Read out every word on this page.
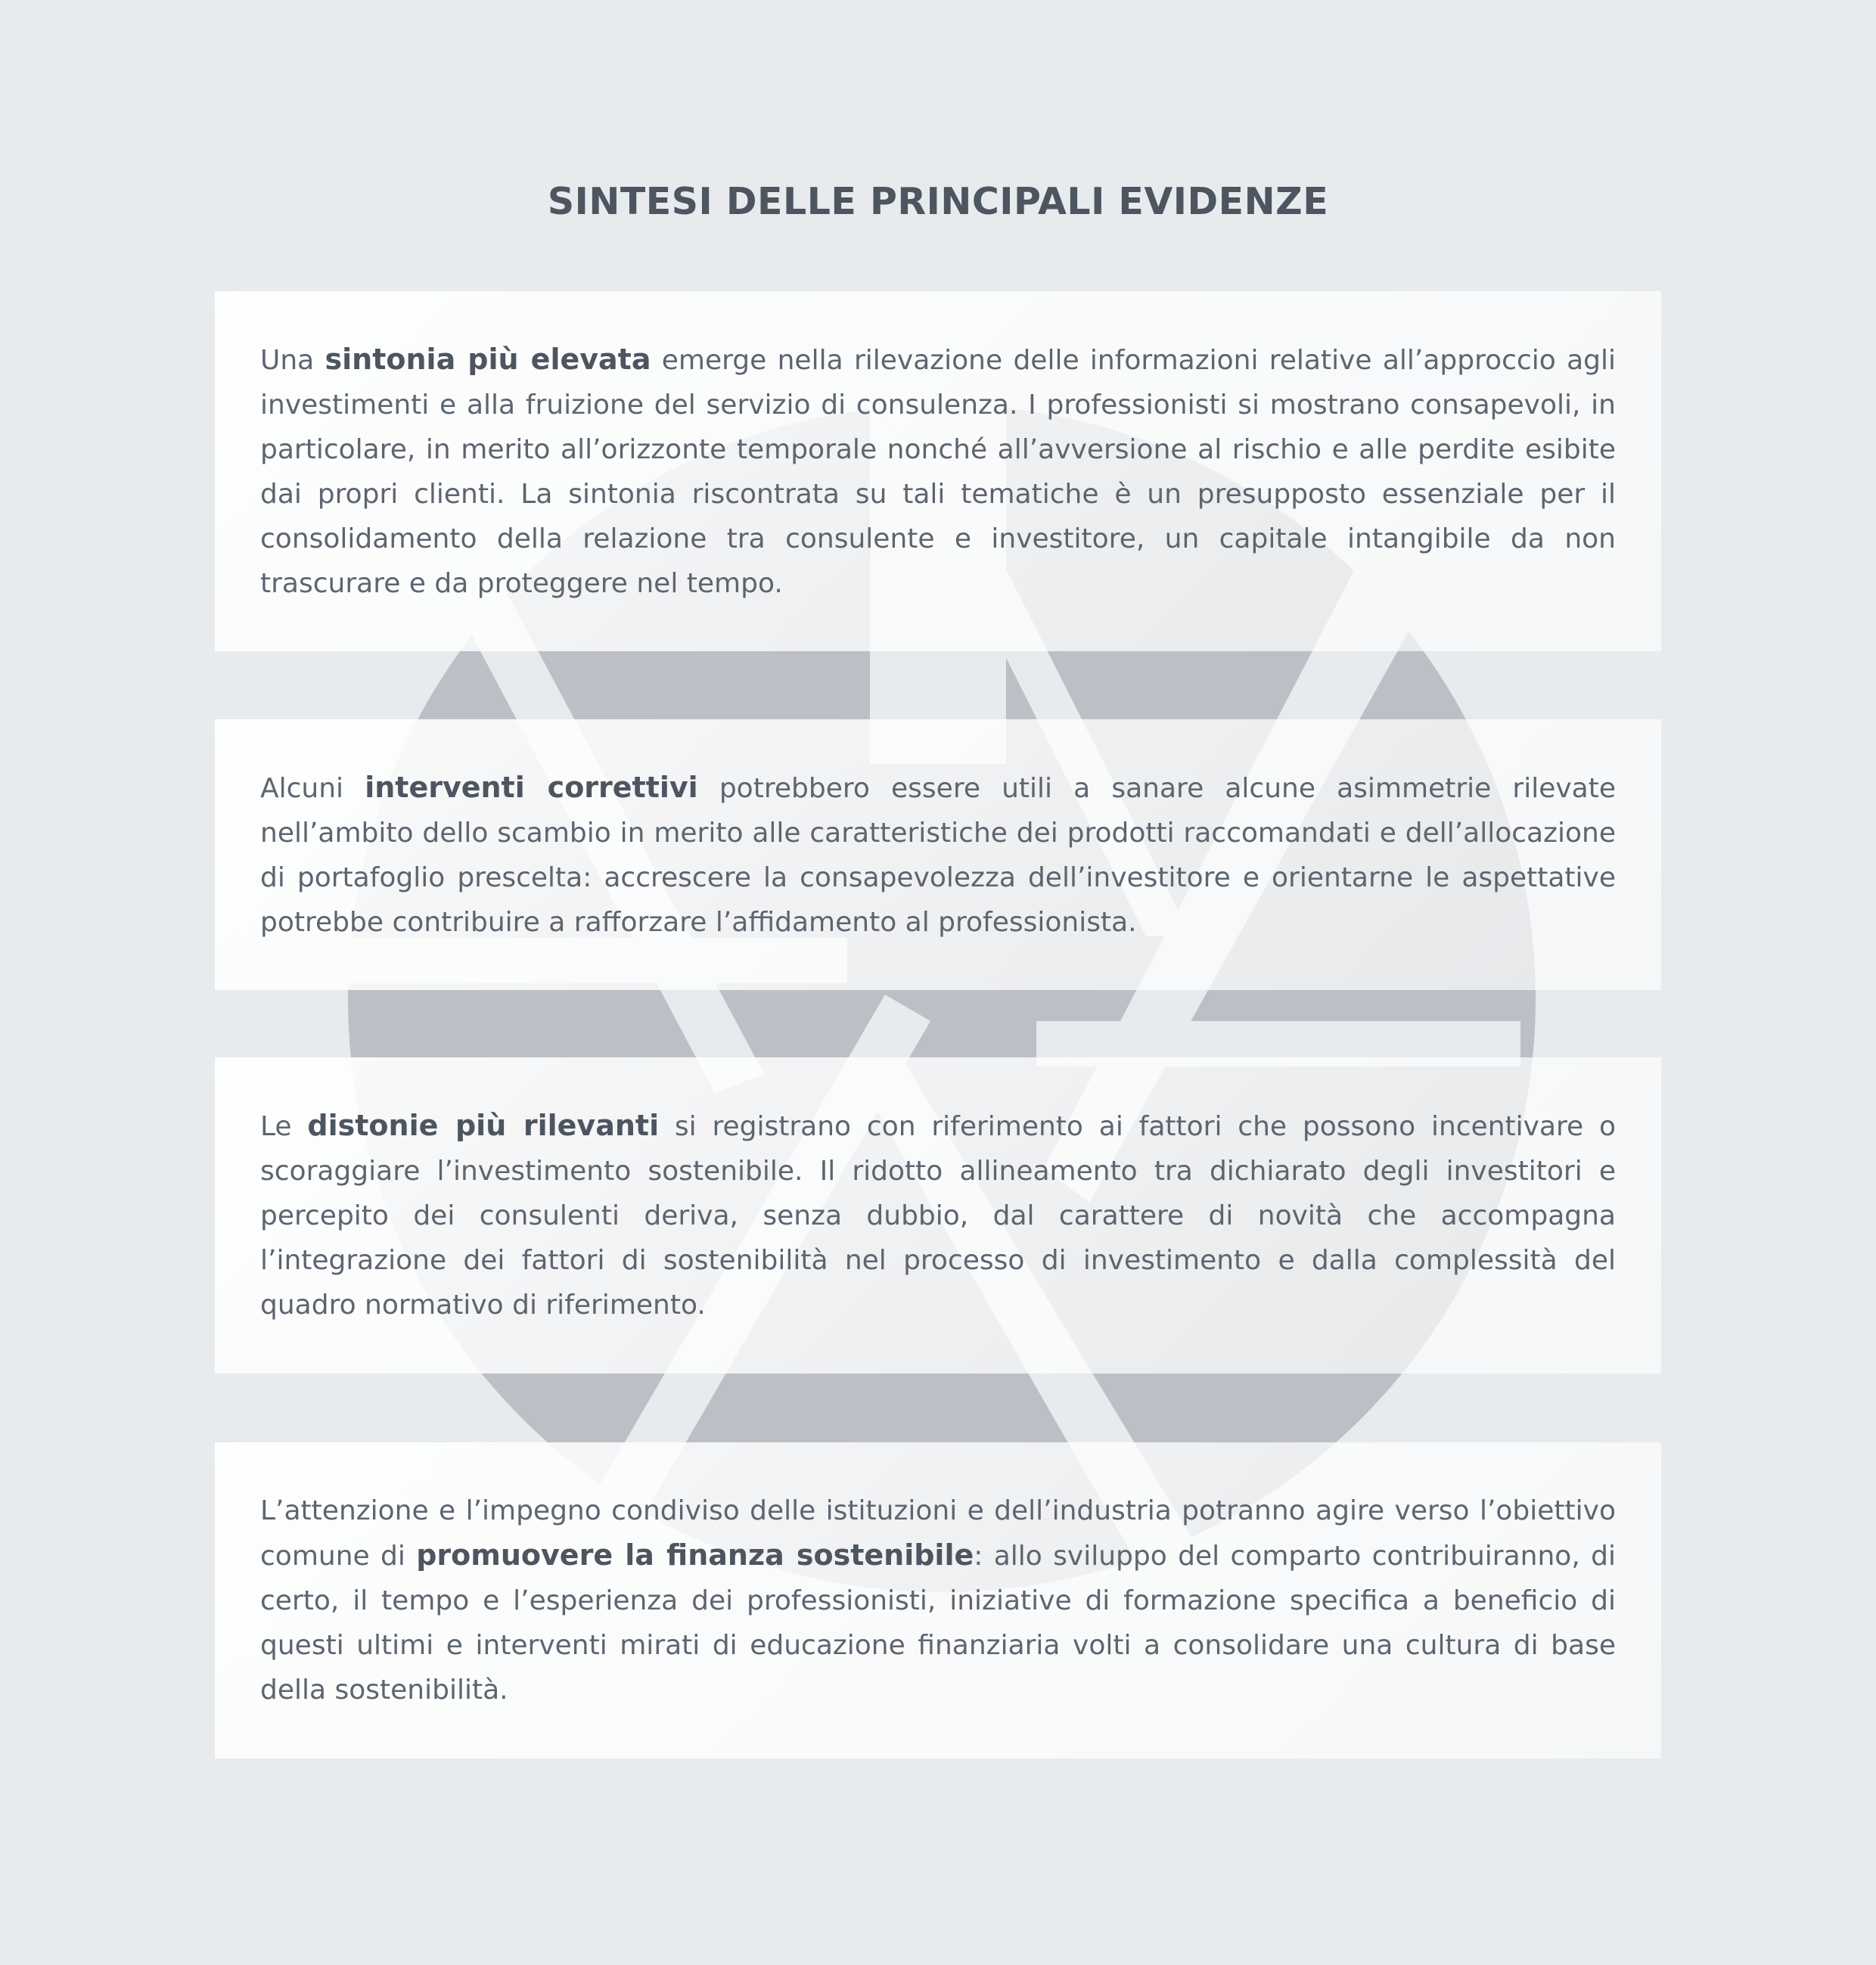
SINTESI DELLE PRINCIPALI EVIDENZE

Una sintonia più elevata emerge nella rilevazione delle informazioni relative all’approccio agli investimenti e alla fruizione del servizio di consulenza. I professionisti si mostrano consapevoli, in particolare, in merito all’orizzonte temporale nonché all’avversione al rischio e alle perdite esibite dai propri clienti. La sintonia riscontrata su tali tematiche è un presupposto essenziale per il consolidamento della relazione tra consulente e investitore, un capitale intangibile da non trascurare e da proteggere nel tempo.

Alcuni interventi correttivi potrebbero essere utili a sanare alcune asimmetrie rilevate nell’ambito dello scambio in merito alle caratteristiche dei prodotti raccomandati e dell’allocazione di portafoglio prescelta: accrescere la consapevolezza dell’investitore e orientarne le aspettative potrebbe contribuire a rafforzare l’affidamento al professionista.

Le distonie più rilevanti si registrano con riferimento ai fattori che possono incentivare o scoraggiare l’investimento sostenibile. Il ridotto allineamento tra dichiarato degli investitori e percepito dei consulenti deriva, senza dubbio, dal carattere di novità che accompagna l’integrazione dei fattori di sostenibilità nel processo di investimento e dalla complessità del quadro normativo di riferimento.

L’attenzione e l’impegno condiviso delle istituzioni e dell’industria potranno agire verso l’obiettivo comune di promuovere la finanza sostenibile: allo sviluppo del comparto contribuiranno, di certo, il tempo e l’esperienza dei professionisti, iniziative di formazione specifica a beneficio di questi ultimi e interventi mirati di educazione finanziaria volti a consolidare una cultura di base della sostenibilità.
